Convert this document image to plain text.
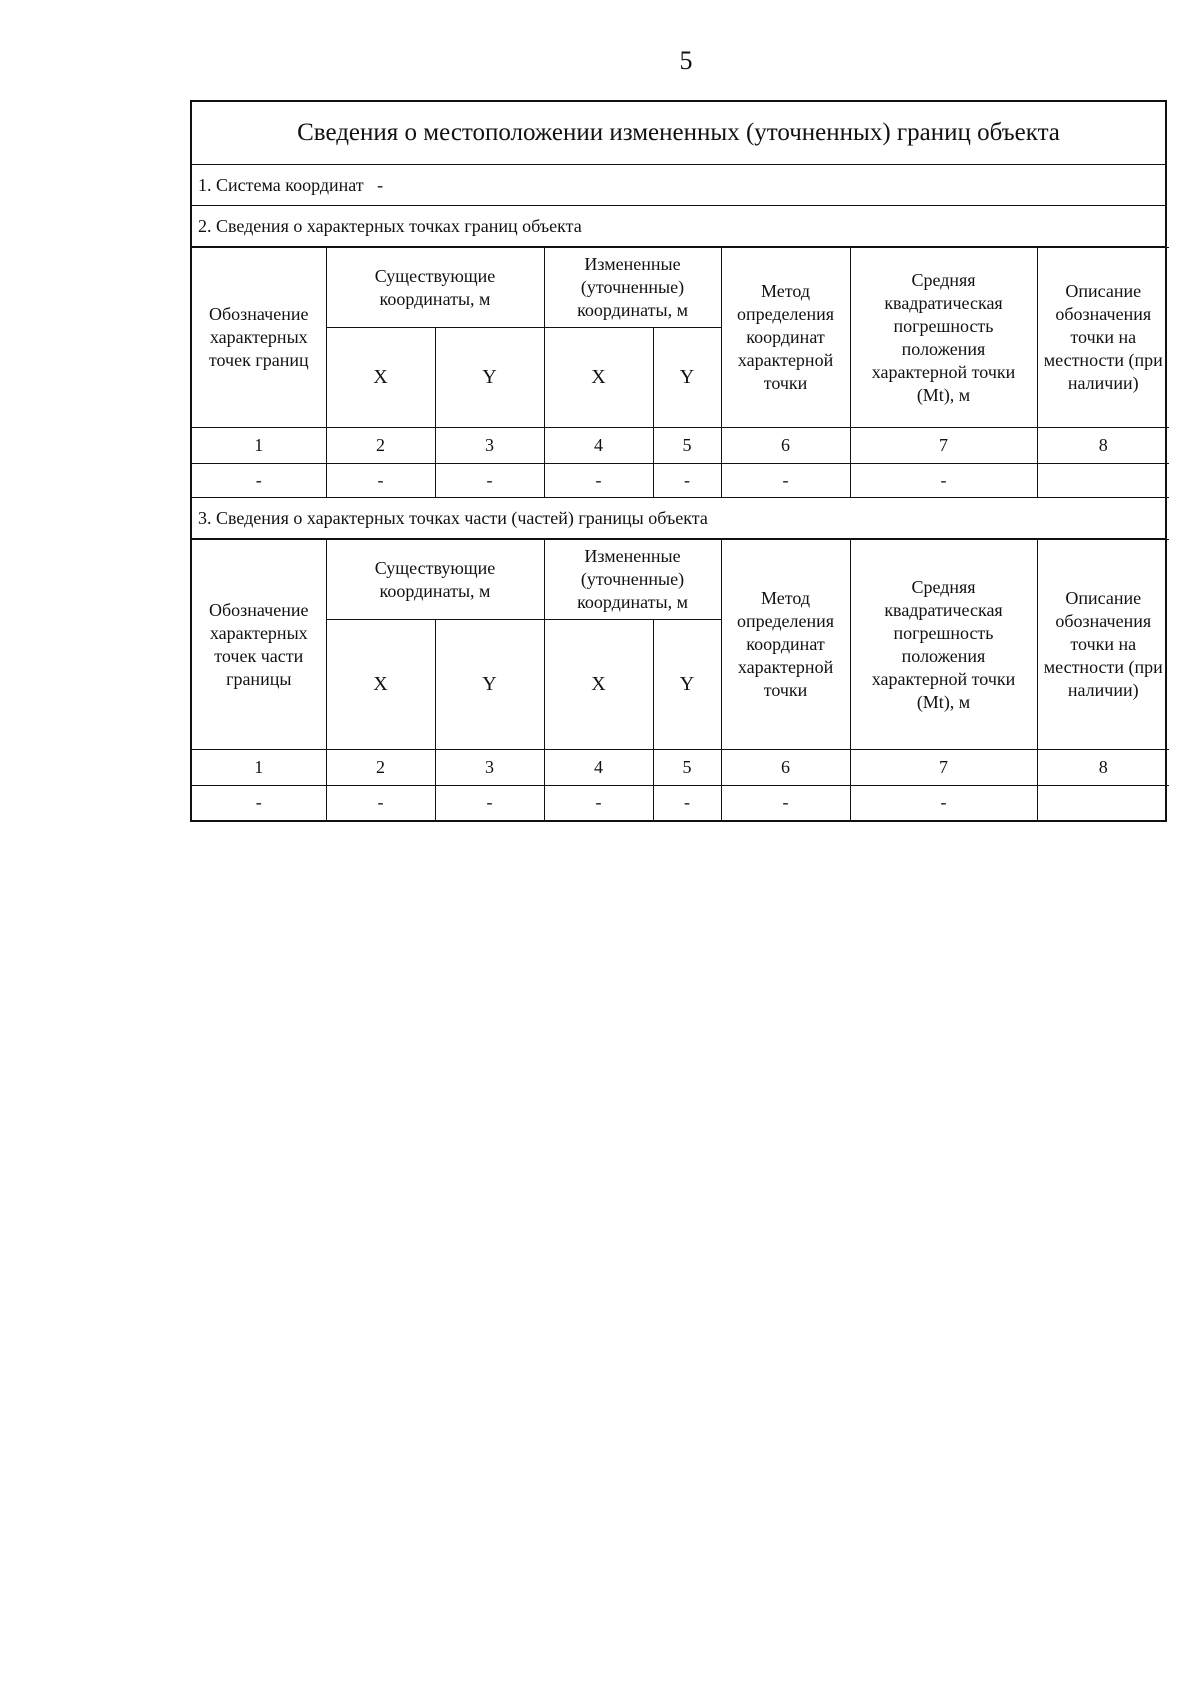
5
Сведения о местоположении измененных (уточненных) границ объекта
1. Система координат -
2. Сведения о характерных точках границ объекта
Обозначение характерных точек границ	Существующие координаты, м		Измененные (уточненные) координаты, м		Метод определения координат характерной точки	Средняя квадратическая погрешность положения характерной точки (Mt), м	Описание обозначения точки на местности (при наличии)
	X	Y	X	Y			
1	2	3	4	5	6	7	8
-	-	-	-	-	-	-	
3. Сведения о характерных точках части (частей) границы объекта
Обозначение характерных точек части границы	Существующие координаты, м		Измененные (уточненные) координаты, м		Метод определения координат характерной точки	Средняя квадратическая погрешность положения характерной точки (Mt), м	Описание обозначения точки на местности (при наличии)
	X	Y	X	Y			
1	2	3	4	5	6	7	8
-	-	-	-	-	-	-	
